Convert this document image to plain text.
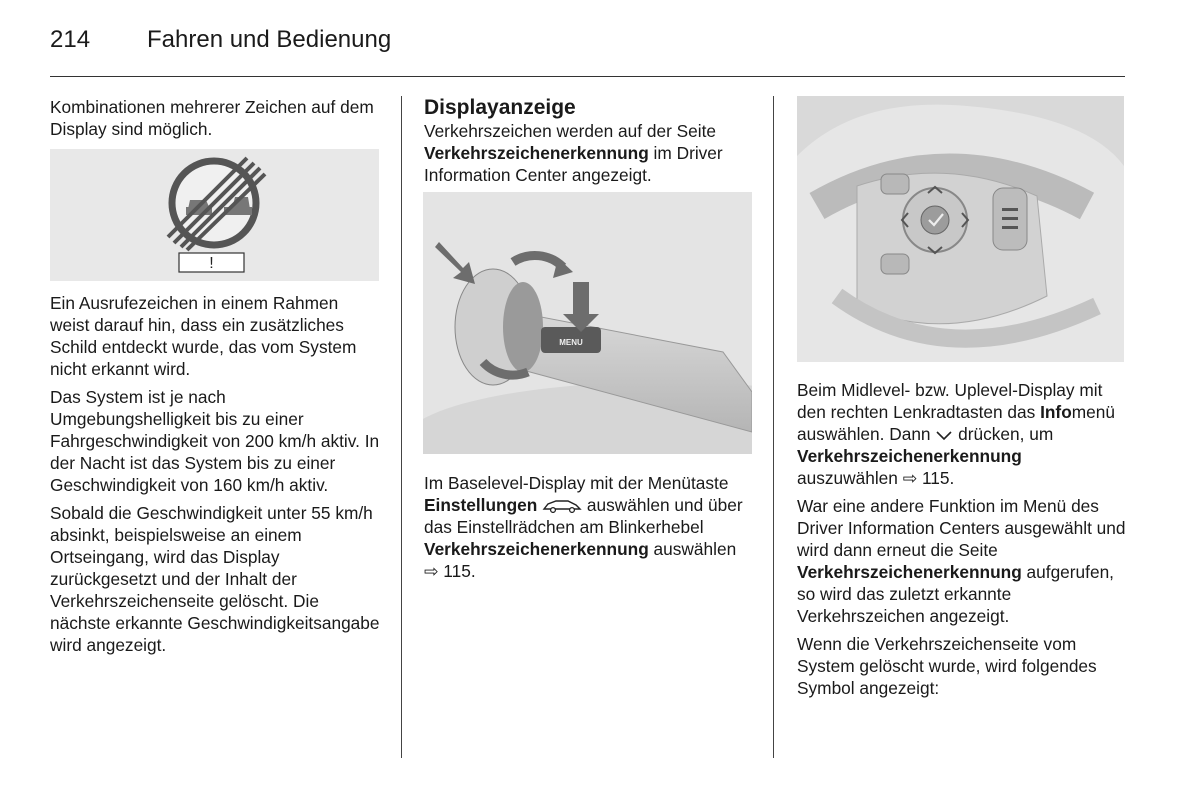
214 Fahren und Bedienung

Kombinationen mehrerer Zeichen auf dem Display sind möglich.

!

Ein Ausrufezeichen in einem Rahmen weist darauf hin, dass ein zusätzliches Schild entdeckt wurde, das vom System nicht erkannt wird.

Das System ist je nach Umgebungshelligkeit bis zu einer Fahrgeschwindigkeit von 200 km/h aktiv. In der Nacht ist das System bis zu einer Geschwindigkeit von 160 km/h aktiv.

Sobald die Geschwindigkeit unter 55 km/h absinkt, beispielsweise an einem Ortseingang, wird das Display zurückgesetzt und der Inhalt der Verkehrszeichenseite gelöscht. Die nächste erkannte Geschwindigkeitsangabe wird angezeigt.

Displayanzeige

Verkehrszeichen werden auf der Seite Verkehrszeichenerkennung im Driver Information Center angezeigt.

MENU

Im Baselevel-Display mit der Menütaste Einstellungen	auswählen und über das Einstellrädchen am Blinkerhebel Verkehrszeichenerkennung auswählen ⇨ 115.

Beim Midlevel- bzw. Uplevel-Display mit den rechten Lenkradtasten das Infomenü auswählen. Dann  drücken, um Verkehrszeichenerkennung auszuwählen ⇨ 115.

War eine andere Funktion im Menü des Driver Information Centers ausgewählt und wird dann erneut die Seite Verkehrszeichenerkennung aufgerufen, so wird das zuletzt erkannte Verkehrszeichen angezeigt.

Wenn die Verkehrszeichenseite vom System gelöscht wurde, wird folgendes Symbol angezeigt:
